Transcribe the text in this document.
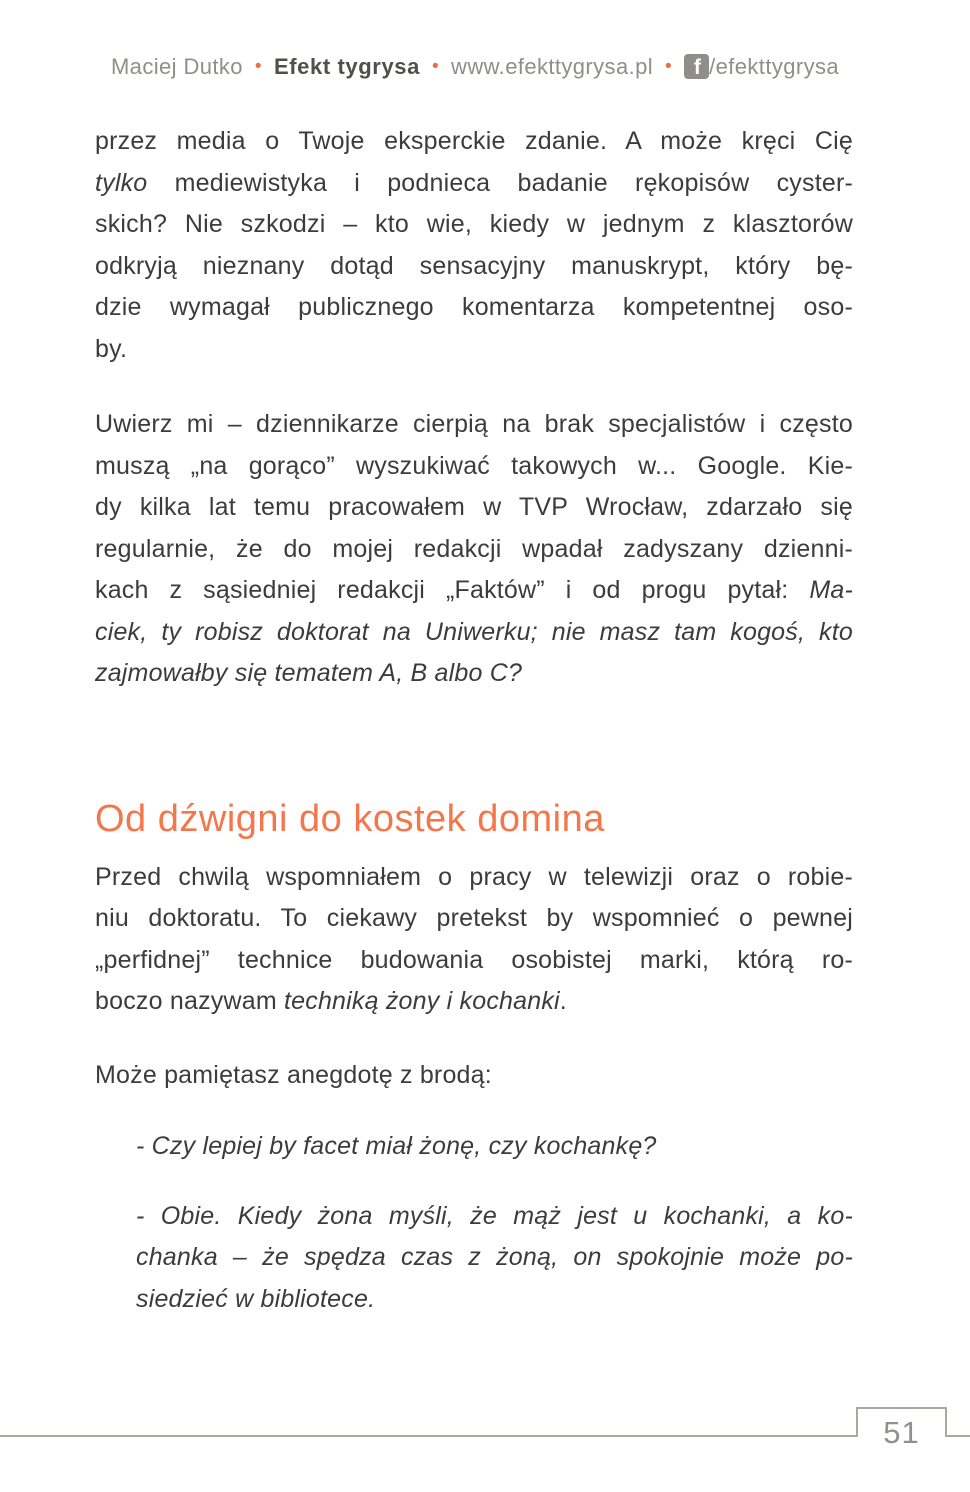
Maciej Dutko • Efekt tygrysa • www.efekttygrysa.pl • f /efekttygrysa
przez media o Twoje eksperckie zdanie. A może kręci Cię
tylko mediewistyka i podnieca badanie rękopisów cyster-
skich? Nie szkodzi – kto wie, kiedy w jednym z klasztorów
odkryją nieznany dotąd sensacyjny manuskrypt, który bę-
dzie wymagał publicznego komentarza kompetentnej oso-
by.
Uwierz mi – dziennikarze cierpią na brak specjalistów i często
muszą „na gorąco” wyszukiwać takowych w... Google. Kie-
dy kilka lat temu pracowałem w TVP Wrocław, zdarzało się
regularnie, że do mojej redakcji wpadał zadyszany dzienni-
kach z sąsiedniej redakcji „Faktów” i od progu pytał: Ma-
ciek, ty robisz doktorat na Uniwerku; nie masz tam kogoś, kto
zajmowałby się tematem A, B albo C?
Od dźwigni do kostek domina
Przed chwilą wspomniałem o pracy w telewizji oraz o robie-
niu doktoratu. To ciekawy pretekst by wspomnieć o pewnej
„perfidnej” technice budowania osobistej marki, którą ro-
boczo nazywam techniką żony i kochanki.
Może pamiętasz anegdotę z brodą:
- Czy lepiej by facet miał żonę, czy kochankę?
- Obie. Kiedy żona myśli, że mąż jest u kochanki, a ko-
chanka – że spędza czas z żoną, on spokojnie może po-
siedzieć w bibliotece.
51
